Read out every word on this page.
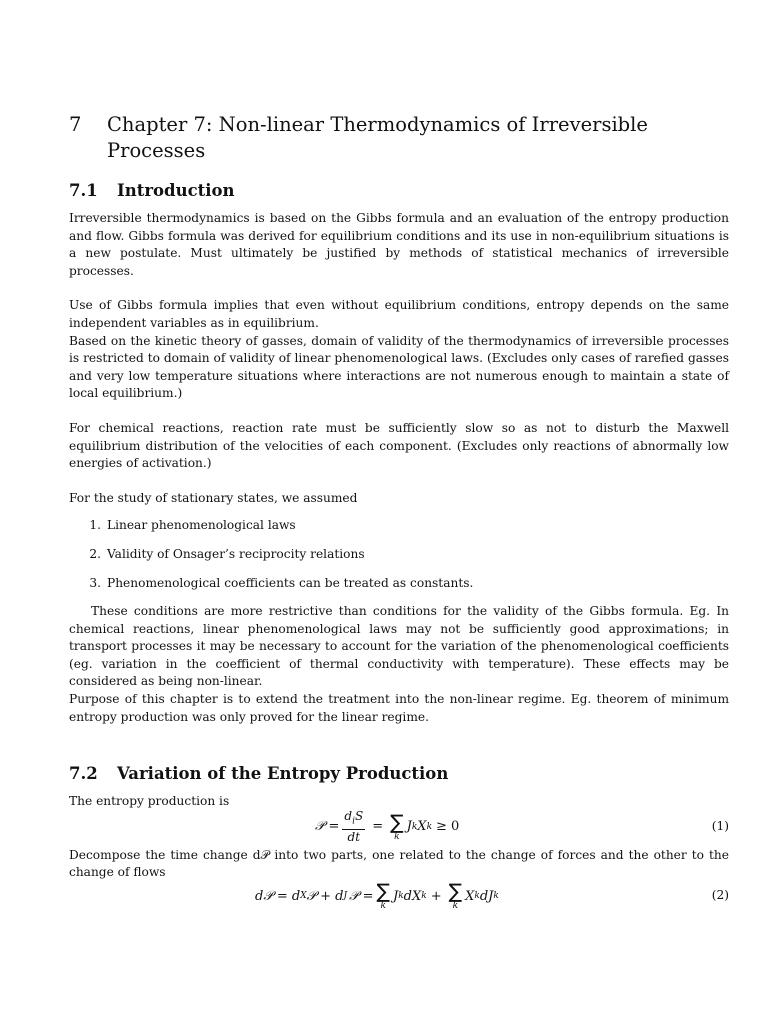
7	Chapter 7: Non-linear Thermodynamics of Irreversible Processes
7.1	Introduction

Irreversible thermodynamics is based on the Gibbs formula and an evaluation of the entropy production and flow. Gibbs formula was derived for equilibrium conditions and its use in non-equilibrium situations is a new postulate. Must ultimately be justified by methods of statistical mechanics of irreversible processes.

Use of Gibbs formula implies that even without equilibrium conditions, entropy depends on the same independent variables as in equilibrium.

Based on the kinetic theory of gasses, domain of validity of the thermodynamics of irreversible processes is restricted to domain of validity of linear phenomenological laws. (Excludes only cases of rarefied gasses and very low temperature situations where interactions are not numerous enough to maintain a state of local equilibrium.)

For chemical reactions, reaction rate must be sufficiently slow so as not to disturb the Maxwell equilibrium distribution of the velocities of each component. (Excludes only reactions of abnormally low energies of activation.)

For the study of stationary states, we assumed

1. Linear phenomenological laws
2. Validity of Onsager’s reciprocity relations
3. Phenomenological coefficients can be treated as constants.

These conditions are more restrictive than conditions for the validity of the Gibbs formula. Eg. In chemical reactions, linear phenomenological laws may not be sufficiently good approximations; in transport processes it may be necessary to account for the variation of the phenomenological coefficients (eg. variation in the coefficient of thermal conductivity with temperature). These effects may be considered as being non-linear.

Purpose of this chapter is to extend the treatment into the non-linear regime. Eg. theorem of minimum entropy production was only proved for the linear regime.

7.2	Variation of the Entropy Production

The entropy production is

𝒫 = $\frac{d_iS}{dt}$ = ∑
k
J k X k ≥ 0	(1)

Decompose the time change d𝒫 into two parts, one related to the change of forces and the other to the change of flows

d𝒫 = d X 𝒫 + d J 𝒫 = ∑
k
J k dX k + ∑
k
X k dJ k	(2)
